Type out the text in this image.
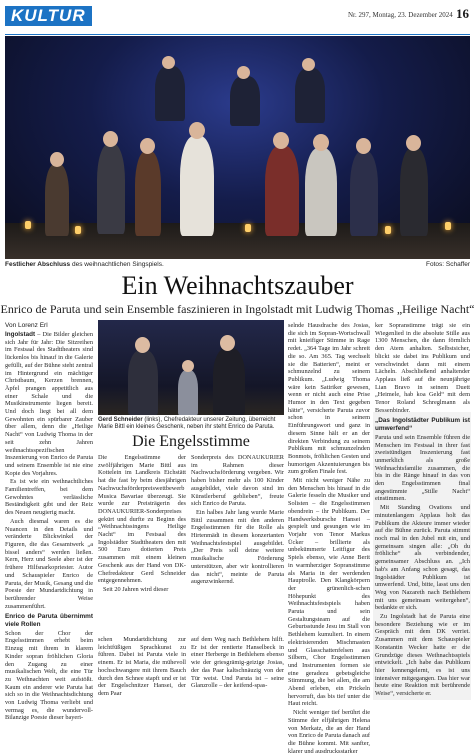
KULTUR	Nr. 297, Montag, 23. Dezember 2024 16
Festlicher Abschluss des weihnachtlichen Singspiels.	Fotos: Schaffer
Ein Weihnachtszauber
Enrico de Paruta und sein Ensemble faszinieren in Ingolstadt mit Ludwig Thomas „Heilige Nacht“
Von Lorenz Erl

Ingolstadt – Die Bilder gleichen sich Jahr für Jahr: Die Sitzreihen im Festsaal des Stadttheaters sind lückenlos bis hinauf in die Galerie gefüllt, auf der Bühne steht zentral im Hintergrund ein mächtiger Christbaum, Kerzen brennen, Äpfel prangen appetitlich aus einer Schale und die Musikinstrumente liegen bereit. Und doch liegt bei all dem Gewohnten ein spürbarer Zauber über allem, denn die „Heilige Nacht“ von Ludwig Thoma in der seit zehn Jahren weihnachtsspezifischen Inszenierung von Enrico de Paruta und seinem Ensemble ist nie eine Kopie des Vorjahres.

Es ist wie ein weihnachtliches Familientreffen, bei dem Gewohntes verlässliche Beständigkeit gibt und der Reiz des Neuen neugierig macht.

Auch diesmal waren es die Nuancen in den Details und veränderte Blickwinkel der Figuren, die das Gesamtwerk „a bissel anders“ werden ließen. Kern, Herz und Seele aber ist der frühere Hilfsnarkopriester. Autor und Schauspieler Enrico de Paruta, der Musik, Gesang und die Poesie der Mundartdichtung in berührender Weise zusammenführt.

Enrico de Paruta übernimmt viele Rollen

Schon der Chor der Engelsstimmen erhebt beim Einzug mit ihrem in klarem Kinder sopran fröhlichen Gloria den Zugang zu einer musikalischen Welt, die eine Tür zu Weihnachten weit aufstößt. Kaum ein anderer wie Paruta hat sich so in die Weihnachtsdichtung von Ludwig Thoma verliebt und vermag es, die wundervoll-Bilanzige Poesie dieser bayeri-

Gerd Schneider (links), Chefredakteur unserer Zeitung, überreicht Marie Bittl ein kleines Geschenk, neben ihr steht Enrico de Paruta.
Die Engelsstimme

Die Engelsstimme der zwölfjährigen Marie Bittl aus Kottelein im Landkreis Eichstätt hat die fast by beim diesjährigen Nachwuchsförderpreiswettbewerb Musica Bavariae überzeugt. Sie wurde zur Preisträgerin des DONAUKURIER-Sonderpreises gekürt und durfte zu Beginn des „Weihnachtssingens Heilige Nacht“ im Festsaal des Ingolstädter Stadttheaters den mit 500 Euro dotierten Preis zusammen mit einem kleinen Geschenk aus der Hand von DK-Chefredakteur Gerd Schneider entgegennehmen.

Seit 20 Jahren wird dieser

Sonderpreis des DONAUKURIER im Rahmen dieser Nachwuchsförderung vergeben. Wir haben bisher mehr als 100 Kinder ausgebildet, viele davon sind im Künstlerberuf geblieben“, freute sich Enrico de Paruta.

Ein halbes Jahr lang wurde Marie Bittl zusammen mit den anderen Engelsstimmen für die Rolle als Hirtenmädi in diesem konzertanten Weihnachtsfestspiel ausgebildet. „Der Preis soll deine weitere musikalische Förderung unterstützen, aber wir kontrollieren das nicht“, meinte de Paruta augenzwinkernd.

schen Mundartdichtung zur leichtfüßigen Sprachkunst zu führen. Dabei ist Paruta viele in einem. Er ist Maria, die mühevoll hochschwangere mit ihrem Bauch durch den Schnee stapft und er ist der Engelschnitzer Hansei, der dem Paar

auf dem Weg nach Bethlehem hilft. Er ist der rentierte Hanselbeck in einer Herberge in Bethlehem ebenso wie der griesgrämig-geizige Josias, der das Paar kaltschnäuzig von der Tür weist. Und Paruta ist – seine Glanzrolle – der keifend-spas-

selnde Hausdrache des Josias, die sich im Sopran-Wortschwall mit knieifiger Stimme in Rage redet. „364 Tage im Jahr schreit die so. Am 365. Tag wechselt sie die Batterien“, meint er schmunzelnd zu seinem Publikum. „Ludwig Thoma wäre kein Satiriker gewesen, wenn er nicht auch eine Prise Humor in den Text gegeben hätte“, versicherte Paruta zuvor schon in seinem Einführungswort und ganz in diesem Sinne hält er an der direkten Verbindung zu seinem Publikum mit schmunzelnden Bonmots, fröhlichen Gesten und humorigen Akzentuierungen bis zum großen Finale fest.

Mit nicht weniger Nähe zu den Menschen bis hinauf in die Galerie fesseln die Musiker und Solisten – die Engelsstimmen obendrein – ihr Publikum. Der Handwerksbursche Hansei – gespielt und gesungen wie im Vorjahr von Tenor Markus Ücker – brillierte als unbekümmerte Leitfigur des Spiels ebenso, wie Anne Berit in warmherziger Sopranstimme als Maria in der werdenden Hauptrolle. Den Klangkörpern der grünenlich-schen Höhepunkt des Weihnachtsfestspiels haben Paruta und sein Gestaltungsteam auf die Geburtsstunde Jesu im Stall von Bethlehem kumuliert. In einem elektrisierenden Mischmasten und Glasschattenfelsen aus Silbern, Chor Engelsstimmen und Instrumenten formen sie eine geradezu gebetsgleiche Stimmung, die bei allen, die am Abend erleben, ein Prickeln hervorruft, das bis tief unter die Haut reicht.

Nicht weniger tief berührt die Stimme der elfjährigen Helena von Merkatz, die an der Hand von Enrico de Paruta danach auf die Bühne kommt. Mit sanfter, klarer und ausdrucksstarker

ker Sopranstimme trägt sie ein Wiegenlied in die absolute Stille aus 1300 Menschen, die dann förmlich den Atem anhalten. Selbstsicher, blickt sie dabei ins Publikum und verschwindet dann mit einem Lächeln. Abschließend anhaltender Applaus ließ auf die neunjährige Lian Bravo in seinem Duett „Heimele, hab koa Geld“ mit dem Tenor Roland Schreglmann als Bessenbinder.

„Das Ingolstädter Publikum ist umwerfend“

Paruta und sein Ensemble führen die Menschen im Festsaal in ihrer fast zweistündigen Inszenierung fast unmerklich als große Weihnachtsfamilie zusammen, die bis in die Ränge hinauf in das von den Engelsstimmen final angestimmte „Stille Nacht“ einstimmen.

Mit Standing Ovations und minutenlangem Applaus holt das Publikum die Akteure immer wieder auf die Bühne zurück. Paruta stimmt noch mal in den Jubel mit ein, und gemeinsam singen alle: „Oh du fröhliche“ als verbindender, gemeinsamer Abschluss an. „Ich hab's am Anfang schon gesagt, das Ingolstädter Publikum ist umwerfend. Und, bitte, lasst uns den Weg von Nazareth nach Bethlehem mit uns gemeinsam weitergehen“, bedankte er sich.

Zu Ingolstadt hat de Paruta eine besondere Beziehung wie er im Gespräch mit dem DK verriet. Zusammen mit dem Schauspieler Konstantin Wecker hatte er die Grundzüge dieses Weihnachtsspiels entwickelt. „Ich habe das Publikum hier kennengelernt, es ist uns intensiver mitgegangen. Das hier war heute eine Reaktion mit berührende Weise“, versicherte er.
